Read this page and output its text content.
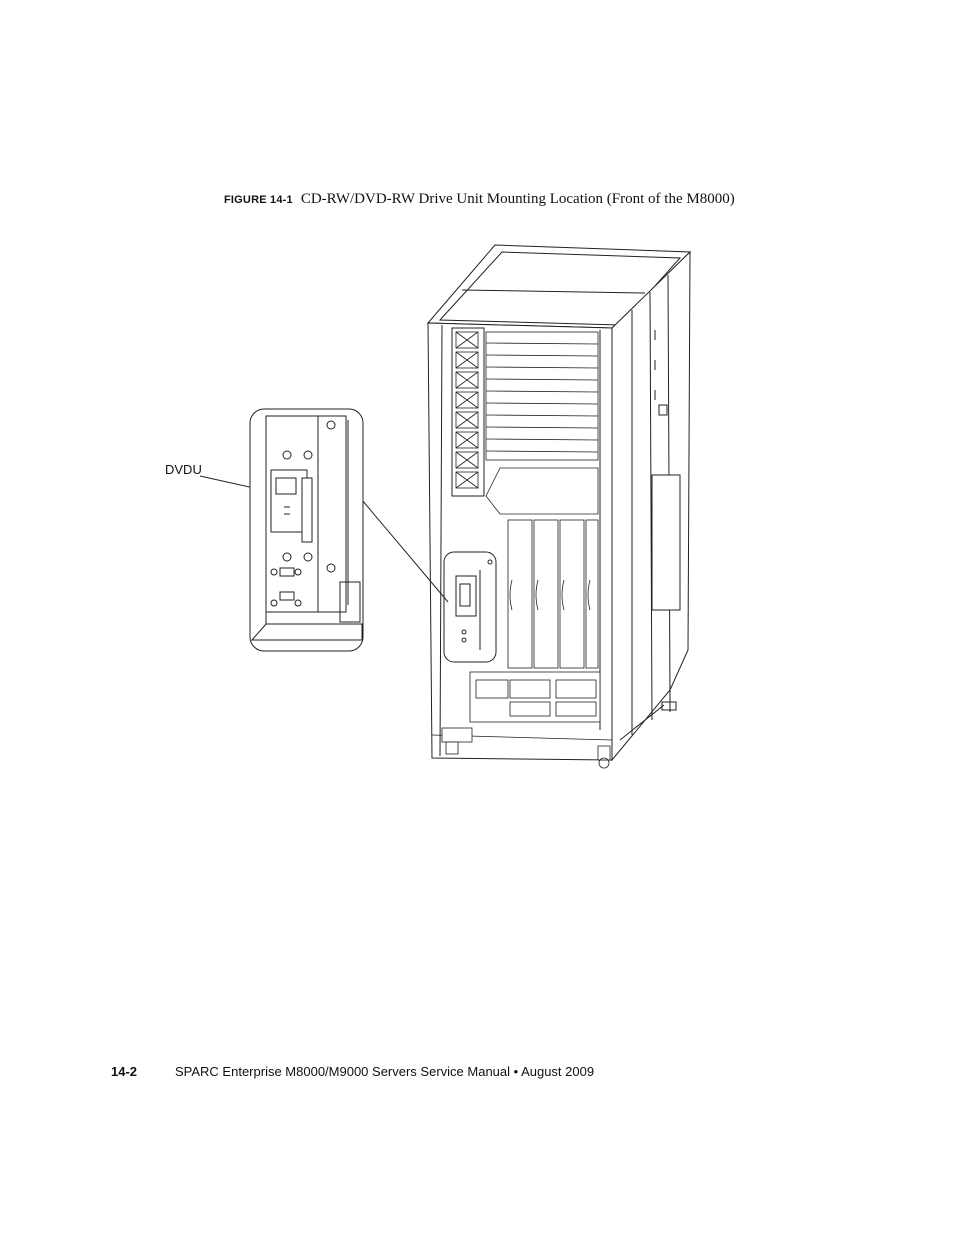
FIGURE 14-1 CD-RW/DVD-RW Drive Unit Mounting Location (Front of the M8000)
DVDU
14-2	SPARC Enterprise M8000/M9000 Servers Service Manual • August 2009
